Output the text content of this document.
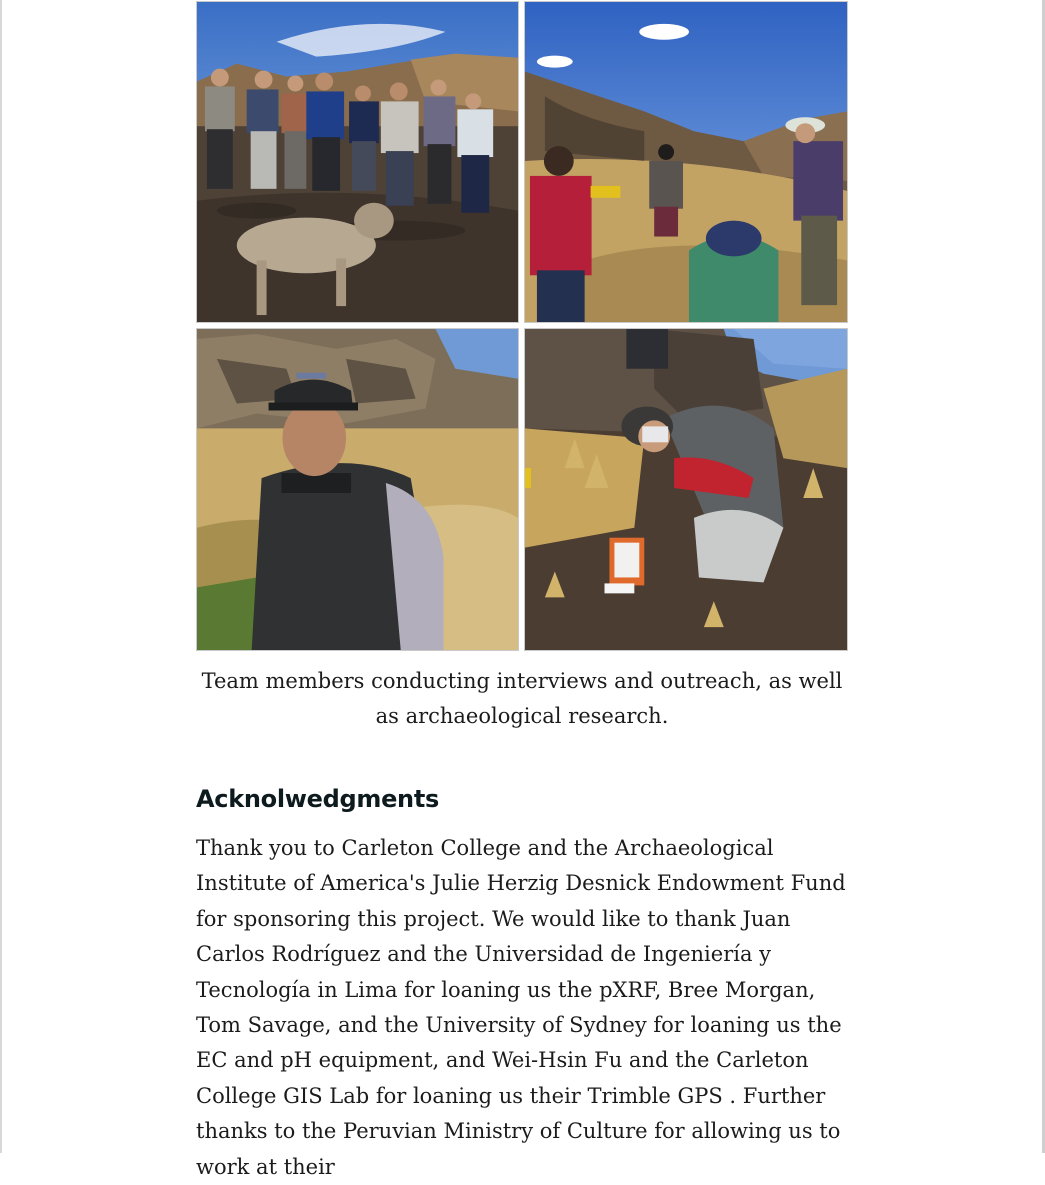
Team members conducting interviews and outreach, as well as archaeological research.
Acknolwedgments

Thank you to Carleton College and the Archaeological Institute of America's Julie Herzig Desnick Endowment Fund for sponsoring this project. We would like to thank Juan Carlos Rodríguez and the Universidad de Ingeniería y Tecnología in Lima for loaning us the pXRF, Bree Morgan, Tom Savage, and the University of Sydney for loaning us the EC and pH equipment, and Wei-Hsin Fu and the Carleton College GIS Lab for loaning us their Trimble GPS . Further thanks to the Peruvian Ministry of Culture for allowing us to work at their
